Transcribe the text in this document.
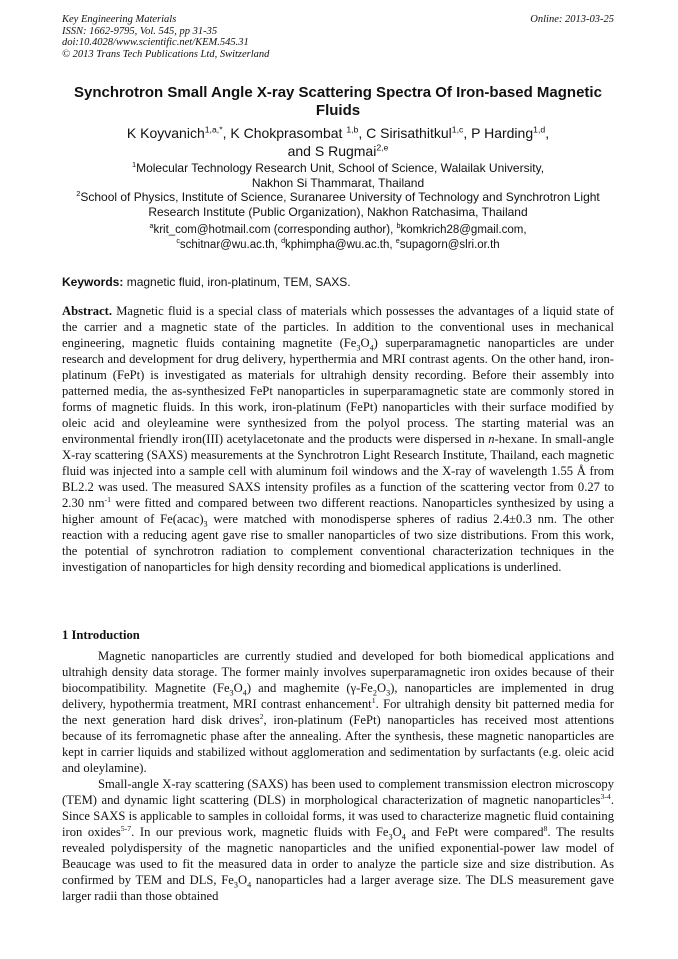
Key Engineering Materials
ISSN: 1662-9795, Vol. 545, pp 31-35
doi:10.4028/www.scientific.net/KEM.545.31
© 2013 Trans Tech Publications Ltd, Switzerland
Online: 2013-03-25
Synchrotron Small Angle X-ray Scattering Spectra Of Iron-based Magnetic Fluids
K Koyvanich$^{1,a,*}$, K Chokprasombat $^{1,b}$, C Sirisathitkul$^{1,c}$, P Harding$^{1,d}$,
and S Rugmai$^{2,e}$
$^1$Molecular Technology Research Unit, School of Science, Walailak University, Nakhon Si Thammarat, Thailand
$^2$School of Physics, Institute of Science, Suranaree University of Technology and Synchrotron Light Research Institute (Public Organization), Nakhon Ratchasima, Thailand
$^a$krit_com@hotmail.com (corresponding author), $^b$komkrich28@gmail.com, $^c$schitnar@wu.ac.th, $^d$kphimpha@wu.ac.th, $^e$supagorn@slri.or.th
Keywords: magnetic fluid, iron-platinum, TEM, SAXS.
Abstract. Magnetic fluid is a special class of materials which possesses the advantages of a liquid state of the carrier and a magnetic state of the particles. In addition to the conventional uses in mechanical engineering, magnetic fluids containing magnetite $(Fe_3O_4)$ superparamagnetic nanoparticles are under research and development for drug delivery, hyperthermia and MRI contrast agents. On the other hand, iron-platinum (FePt) is investigated as materials for ultrahigh density recording. Before their assembly into patterned media, the as-synthesized FePt nanoparticles in superparamagnetic state are commonly stored in forms of magnetic fluids. In this work, iron-platinum (FePt) nanoparticles with their surface modified by oleic acid and oleyleamine were synthesized from the polyol process. The starting material was an environmental friendly iron(III) acetylacetonate and the products were dispersed in n-hexane. In small-angle X-ray scattering (SAXS) measurements at the Synchrotron Light Research Institute, Thailand, each magnetic fluid was injected into a sample cell with aluminum foil windows and the X-ray of wavelength 1.55 Å from BL2.2 was used. The measured SAXS intensity profiles as a function of the scattering vector from 0.27 to 2.30 $nm^{-1}$ were fitted and compared between two different reactions. Nanoparticles synthesized by using a higher amount of $Fe(acac)_3$ were matched with monodisperse spheres of radius 2.4±0.3 nm. The other reaction with a reducing agent gave rise to smaller nanoparticles of two size distributions. From this work, the potential of synchrotron radiation to complement conventional characterization techniques in the investigation of nanoparticles for high density recording and biomedical applications is underlined.
1 Introduction

Magnetic nanoparticles are currently studied and developed for both biomedical applications and ultrahigh density data storage. The former mainly involves superparamagnetic iron oxides because of their biocompatibility. Magnetite $(Fe_3O_4)$ and maghemite $(\gamma-Fe_2O_3)$, nanoparticles are implemented in drug delivery, hypothermia treatment, MRI contrast enhancement$^1$. For ultrahigh density bit patterned media for the next generation hard disk drives$^2$, iron-platinum (FePt) nanoparticles has received most attentions because of its ferromagnetic phase after the annealing. After the synthesis, these magnetic nanoparticles are kept in carrier liquids and stabilized without agglomeration and sedimentation by surfactants (e.g. oleic acid and oleylamine).

Small-angle X-ray scattering (SAXS) has been used to complement transmission electron microscopy (TEM) and dynamic light scattering (DLS) in morphological characterization of magnetic nanoparticles$^{3-4}$. Since SAXS is applicable to samples in colloidal forms, it was used to characterize magnetic fluid containing iron oxides$^{5-7}$. In our previous work, magnetic fluids with $Fe_3O_4$ and FePt were compared$^8$. The results revealed polydispersity of the magnetic nanoparticles and the unified exponential-power law model of Beaucage was used to fit the measured data in order to analyze the particle size and size distribution. As confirmed by TEM and DLS, $Fe_3O_4$ nanoparticles had a larger average size. The DLS measurement gave larger radii than those obtained
